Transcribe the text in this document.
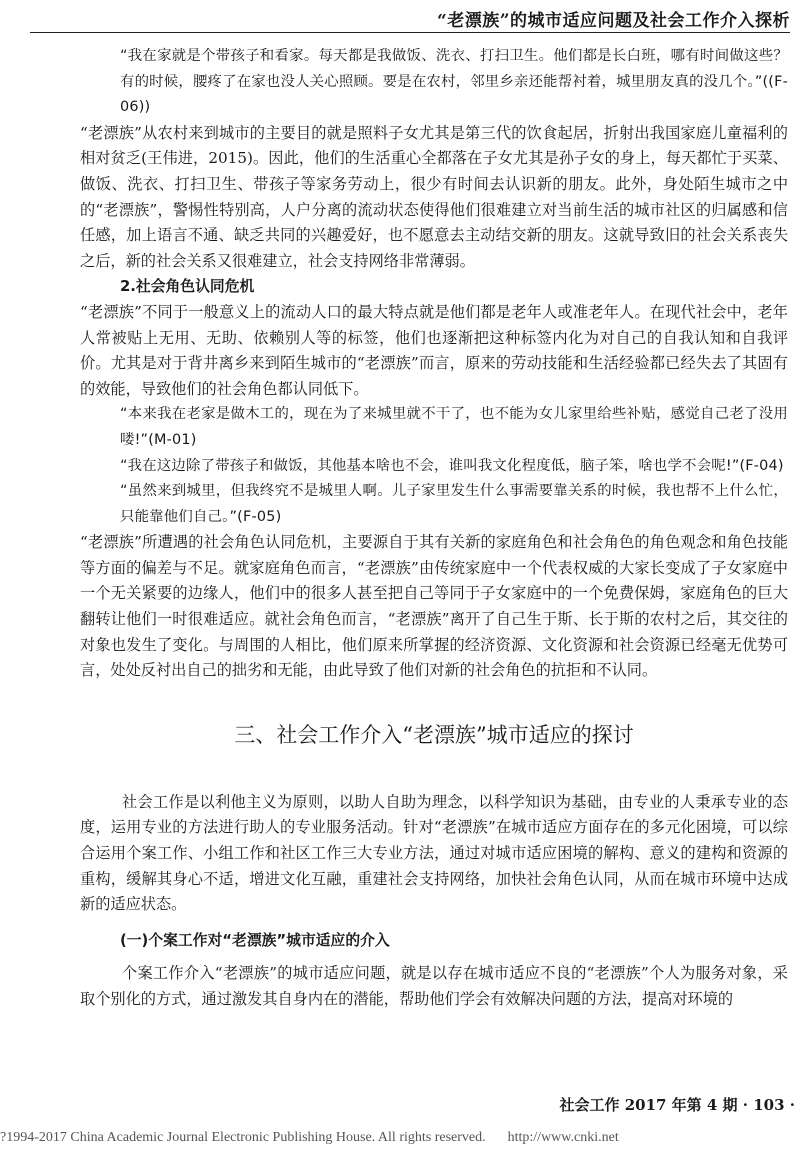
“老漂族”的城市适应问题及社会工作介入探析

“我在家就是个带孩子和看家。每天都是我做饭、洗衣、打扫卫生。他们都是长白班，哪有时间做这些？有的时候，腰疼了在家也没人关心照顾。要是在农村，邻里乡亲还能帮衬着，城里朋友真的没几个。”((F-06))

“老漂族”从农村来到城市的主要目的就是照料子女尤其是第三代的饮食起居，折射出我国家庭儿童福利的相对贫乏(王伟进，2015)。因此，他们的生活重心全都落在子女尤其是孙子女的身上，每天都忙于买菜、做饭、洗衣、打扫卫生、带孩子等家务劳动上，很少有时间去认识新的朋友。此外，身处陌生城市之中的“老漂族”，警惕性特别高，人户分离的流动状态使得他们很难建立对当前生活的城市社区的归属感和信任感，加上语言不通、缺乏共同的兴趣爱好，也不愿意去主动结交新的朋友。这就导致旧的社会关系丧失之后，新的社会关系又很难建立，社会支持网络非常薄弱。

2.社会角色认同危机

“老漂族”不同于一般意义上的流动人口的最大特点就是他们都是老年人或准老年人。在现代社会中，老年人常被贴上无用、无助、依赖别人等的标签，他们也逐渐把这种标签内化为对自己的自我认知和自我评价。尤其是对于背井离乡来到陌生城市的“老漂族”而言，原来的劳动技能和生活经验都已经失去了其固有的效能，导致他们的社会角色都认同低下。

“本来我在老家是做木工的，现在为了来城里就不干了，也不能为女儿家里给些补贴，感觉自己老了没用喽!”(M-01)

“我在这边除了带孩子和做饭，其他基本啥也不会，谁叫我文化程度低，脑子笨，啥也学不会呢!”(F-04)

“虽然来到城里，但我终究不是城里人啊。儿子家里发生什么事需要靠关系的时候，我也帮不上什么忙，只能靠他们自己。”(F-05)

“老漂族”所遭遇的社会角色认同危机，主要源自于其有关新的家庭角色和社会角色的角色观念和角色技能等方面的偏差与不足。就家庭角色而言，“老漂族”由传统家庭中一个代表权威的大家长变成了子女家庭中一个无关紧要的边缘人，他们中的很多人甚至把自己等同于子女家庭中的一个免费保姆，家庭角色的巨大翻转让他们一时很难适应。就社会角色而言，“老漂族”离开了自己生于斯、长于斯的农村之后，其交往的对象也发生了变化。与周围的人相比，他们原来所掌握的经济资源、文化资源和社会资源已经毫无优势可言，处处反衬出自己的拙劣和无能，由此导致了他们对新的社会角色的抗拒和不认同。

三、社会工作介入“老漂族”城市适应的探讨

社会工作是以利他主义为原则，以助人自助为理念，以科学知识为基础，由专业的人秉承专业的态度，运用专业的方法进行助人的专业服务活动。针对“老漂族”在城市适应方面存在的多元化困境，可以综合运用个案工作、小组工作和社区工作三大专业方法，通过对城市适应困境的解构、意义的建构和资源的重构，缓解其身心不适，增进文化互融，重建社会支持网络，加快社会角色认同，从而在城市环境中达成新的适应状态。

(一)个案工作对“老漂族”城市适应的介入

个案工作介入“老漂族”的城市适应问题，就是以存在城市适应不良的“老漂族”个人为服务对象，采取个别化的方式，通过激发其自身内在的潜能，帮助他们学会有效解决问题的方法，提高对环境的

社会工作 2017 年第 4 期 · 103 ·
?1994-2017 China Academic Journal Electronic Publishing House. All rights reserved. http://www.cnki.net
